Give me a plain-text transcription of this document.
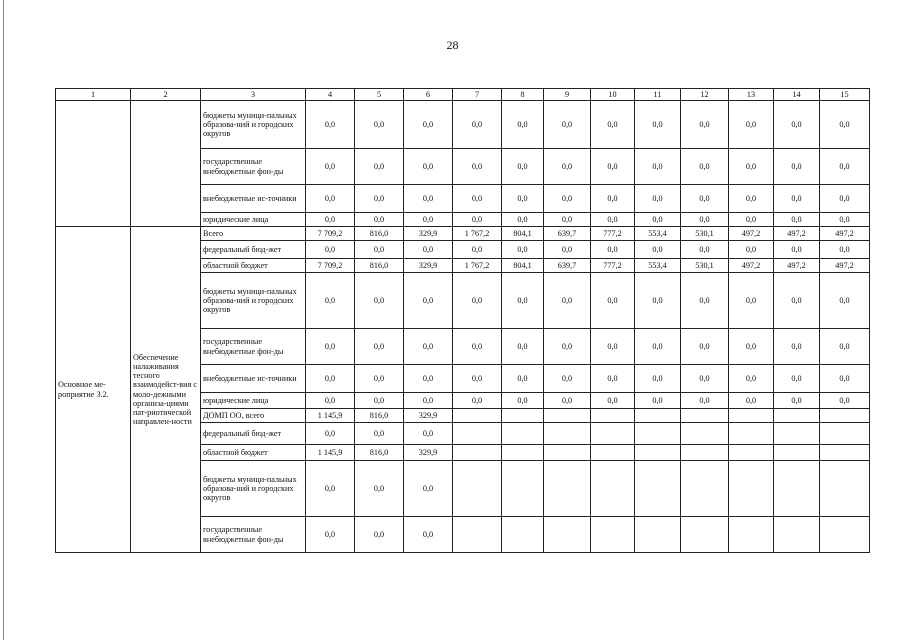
28
1	2	3	4	5	6	7	8	9	10	11	12	13	14	15
		бюджеты муници-пальных образова-ний и городских округов	0,0	0,0	0,0	0,0	0,0	0,0	0,0	0,0	0,0	0,0	0,0	0,0
		государственные внебюджетные фон-ды	0,0	0,0	0,0	0,0	0,0	0,0	0,0	0,0	0,0	0,0	0,0	0,0
		внебюджетные ис-точники	0,0	0,0	0,0	0,0	0,0	0,0	0,0	0,0	0,0	0,0	0,0	0,0
		юридические лица	0,0	0,0	0,0	0,0	0,0	0,0	0,0	0,0	0,0	0,0	0,0	0,0
Основное ме-роприятие 3.2.	Обеспечение налаживания тесного взаимодейст-вия с моло-дежными организа-циями пат-риотической направлен-ности	Всего	7 709,2	816,0	329,9	1 767,2	804,1	639,7	777,2	553,4	530,1	497,2	497,2	497,2
		федеральный бюд-жет	0,0	0,0	0,0	0,0	0,0	0,0	0,0	0,0	0,0	0,0	0,0	0,0
		областной бюджет	7 709,2	816,0	329,9	1 767,2	804,1	639,7	777,2	553,4	530,1	497,2	497,2	497,2
		бюджеты муници-пальных образова-ний и городских округов	0,0	0,0	0,0	0,0	0,0	0,0	0,0	0,0	0,0	0,0	0,0	0,0
		государственные внебюджетные фон-ды	0,0	0,0	0,0	0,0	0,0	0,0	0,0	0,0	0,0	0,0	0,0	0,0
		внебюджетные ис-точники	0,0	0,0	0,0	0,0	0,0	0,0	0,0	0,0	0,0	0,0	0,0	0,0
		юридические лица	0,0	0,0	0,0	0,0	0,0	0,0	0,0	0,0	0,0	0,0	0,0	0,0
		ДОМП ОО, всего	1 145,9	816,0	329,9									
		федеральный бюд-жет	0,0	0,0	0,0									
		областной бюджет	1 145,9	816,0	329,9									
		бюджеты муници-пальных образова-ний и городских округов	0,0	0,0	0,0									
		государственные внебюджетные фон-ды	0,0	0,0	0,0									
